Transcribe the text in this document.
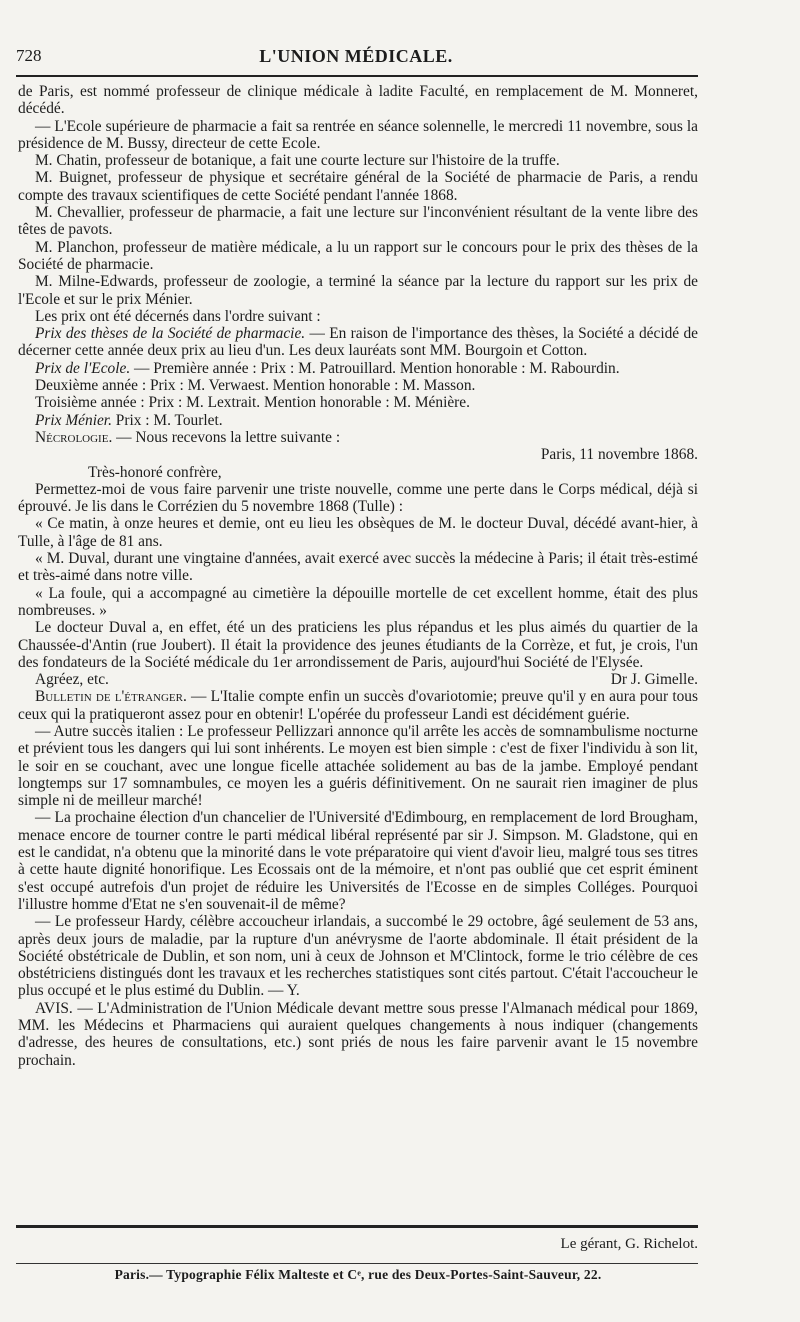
728	L'UNION MÉDICALE.

de Paris, est nommé professeur de clinique médicale à ladite Faculté, en remplacement de M. Monneret, décédé.

— L'Ecole supérieure de pharmacie a fait sa rentrée en séance solennelle, le mercredi 11 novembre, sous la présidence de M. Bussy, directeur de cette Ecole.

M. Chatin, professeur de botanique, a fait une courte lecture sur l'histoire de la truffe.

M. Buignet, professeur de physique et secrétaire général de la Société de pharmacie de Paris, a rendu compte des travaux scientifiques de cette Société pendant l'année 1868.

M. Chevallier, professeur de pharmacie, a fait une lecture sur l'inconvénient résultant de la vente libre des têtes de pavots.

M. Planchon, professeur de matière médicale, a lu un rapport sur le concours pour le prix des thèses de la Société de pharmacie.

M. Milne-Edwards, professeur de zoologie, a terminé la séance par la lecture du rapport sur les prix de l'Ecole et sur le prix Ménier.

Les prix ont été décernés dans l'ordre suivant :

Prix des thèses de la Société de pharmacie. — En raison de l'importance des thèses, la Société a décidé de décerner cette année deux prix au lieu d'un. Les deux lauréats sont MM. Bourgoin et Cotton.

Prix de l'Ecole. — Première année : Prix : M. Patrouillard. Mention honorable : M. Rabourdin.

Deuxième année : Prix : M. Verwaest. Mention honorable : M. Masson.

Troisième année : Prix : M. Lextrait. Mention honorable : M. Ménière.

Prix Ménier. Prix : M. Tourlet.

Nécrologie. — Nous recevons la lettre suivante :

Paris, 11 novembre 1868.

Très-honoré confrère,

Permettez-moi de vous faire parvenir une triste nouvelle, comme une perte dans le Corps médical, déjà si éprouvé. Je lis dans le Corrézien du 5 novembre 1868 (Tulle) :

« Ce matin, à onze heures et demie, ont eu lieu les obsèques de M. le docteur Duval, décédé avant-hier, à Tulle, à l'âge de 81 ans.

« M. Duval, durant une vingtaine d'années, avait exercé avec succès la médecine à Paris; il était très-estimé et très-aimé dans notre ville.

« La foule, qui a accompagné au cimetière la dépouille mortelle de cet excellent homme, était des plus nombreuses. »

Le docteur Duval a, en effet, été un des praticiens les plus répandus et les plus aimés du quartier de la Chaussée-d'Antin (rue Joubert). Il était la providence des jeunes étudiants de la Corrèze, et fut, je crois, l'un des fondateurs de la Société médicale du 1er arrondissement de Paris, aujourd'hui Société de l'Elysée.

Agréez, etc.	Dr J. Gimelle.

Bulletin de l'étranger. — L'Italie compte enfin un succès d'ovariotomie; preuve qu'il y en aura pour tous ceux qui la pratiqueront assez pour en obtenir! L'opérée du professeur Landi est décidément guérie.

— Autre succès italien : Le professeur Pellizzari annonce qu'il arrête les accès de somnambulisme nocturne et prévient tous les dangers qui lui sont inhérents. Le moyen est bien simple : c'est de fixer l'individu à son lit, le soir en se couchant, avec une longue ficelle attachée solidement au bas de la jambe. Employé pendant longtemps sur 17 somnambules, ce moyen les a guéris définitivement. On ne saurait rien imaginer de plus simple ni de meilleur marché!

— La prochaine élection d'un chancelier de l'Université d'Edimbourg, en remplacement de lord Brougham, menace encore de tourner contre le parti médical libéral représenté par sir J. Simpson. M. Gladstone, qui en est le candidat, n'a obtenu que la minorité dans le vote préparatoire qui vient d'avoir lieu, malgré tous ses titres à cette haute dignité honorifique. Les Ecossais ont de la mémoire, et n'ont pas oublié que cet esprit éminent s'est occupé autrefois d'un projet de réduire les Universités de l'Ecosse en de simples Colléges. Pourquoi l'illustre homme d'Etat ne s'en souvenait-il de même?

— Le professeur Hardy, célèbre accoucheur irlandais, a succombé le 29 octobre, âgé seulement de 53 ans, après deux jours de maladie, par la rupture d'un anévrysme de l'aorte abdominale. Il était président de la Société obstétricale de Dublin, et son nom, uni à ceux de Johnson et M'Clintock, forme le trio célèbre de ces obstétriciens distingués dont les travaux et les recherches statistiques sont cités partout. C'était l'accoucheur le plus occupé et le plus estimé du Dublin. — Y.

AVIS. — L'Administration de l'Union Médicale devant mettre sous presse l'Almanach médical pour 1869, MM. les Médecins et Pharmaciens qui auraient quelques changements à nous indiquer (changements d'adresse, des heures de consultations, etc.) sont priés de nous les faire parvenir avant le 15 novembre prochain.

Le gérant, G. Richelot.
Paris.— Typographie Félix Malteste et Cᵉ, rue des Deux-Portes-Saint-Sauveur, 22.
